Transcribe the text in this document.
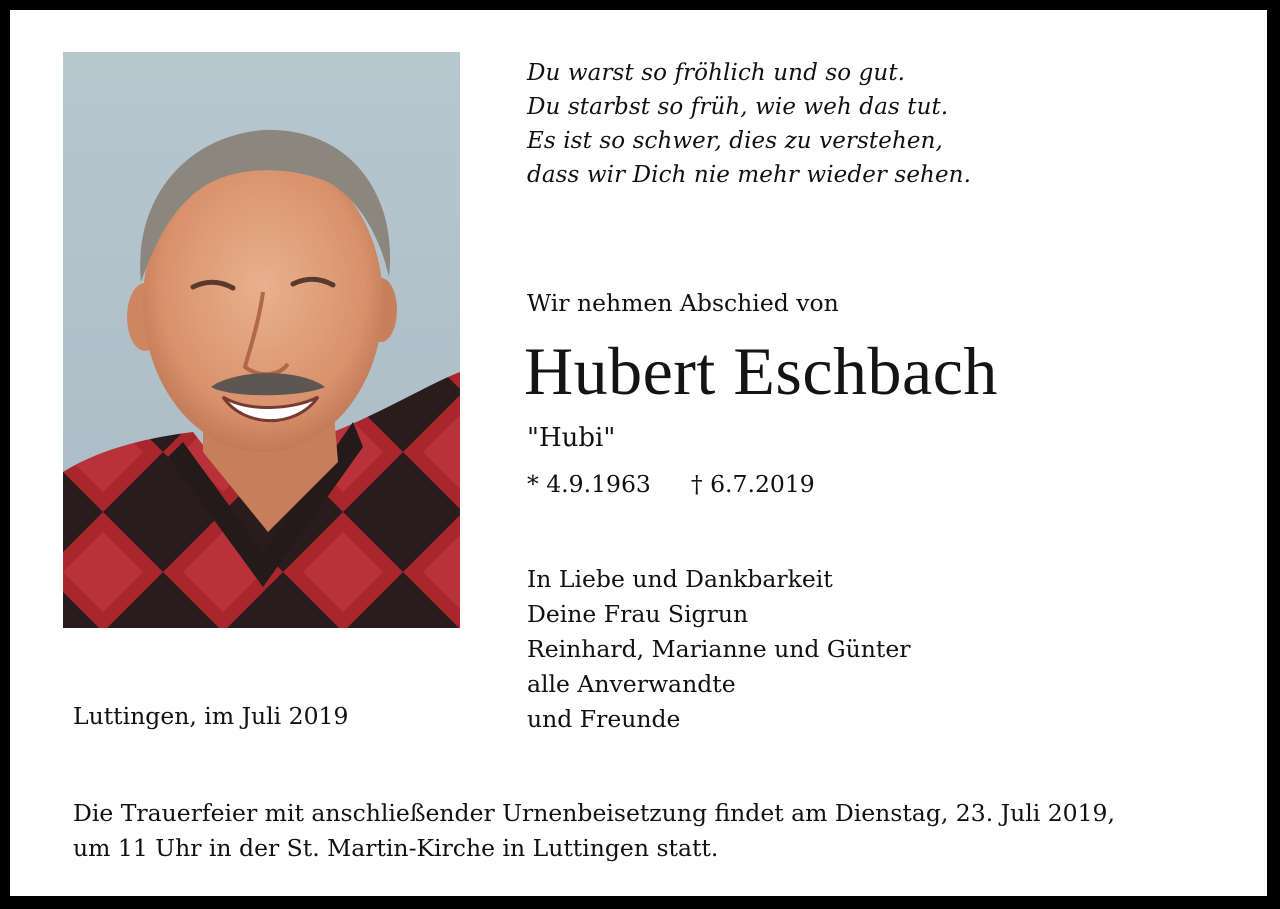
Du warst so fröhlich und so gut.
Du starbst so früh, wie weh das tut.
Es ist so schwer, dies zu verstehen,
dass wir Dich nie mehr wieder sehen.
Wir nehmen Abschied von
Hubert Eschbach
"Hubi"
* 4.9.1963 † 6.7.2019
In Liebe und Dankbarkeit
Deine Frau Sigrun
Reinhard, Marianne und Günter
alle Anverwandte
und Freunde
Luttingen, im Juli 2019
Die Trauerfeier mit anschließender Urnenbeisetzung findet am Dienstag, 23. Juli 2019,
um 11 Uhr in der St. Martin-Kirche in Luttingen statt.
